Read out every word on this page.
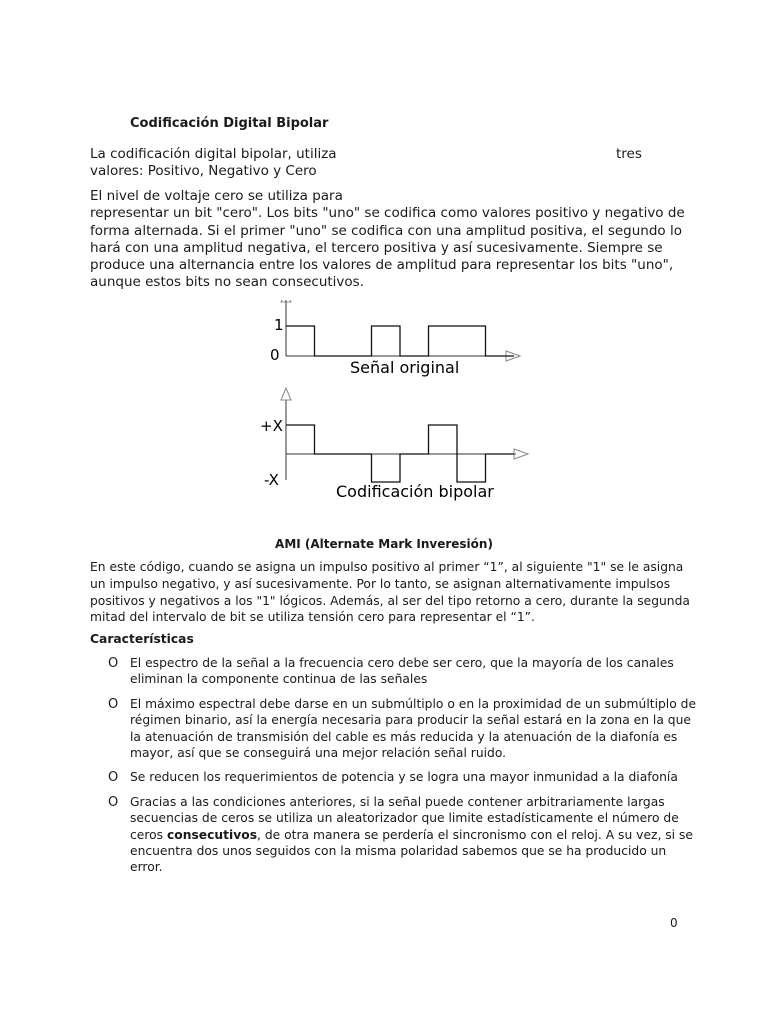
Codificación Digital Bipolar
La codificación digital bipolar, utiliza	tres
valores: Positivo, Negativo y Cero
El nivel de voltaje cero se utiliza para
representar un bit "cero". Los bits "uno" se codifica como valores positivo y negativo de forma alternada. Si el primer "uno" se codifica con una amplitud positiva, el segundo lo hará con una amplitud negativa, el tercero positiva y así sucesivamente. Siempre se produce una alternancia entre los valores de amplitud para representar los bits "uno", aunque estos bits no sean consecutivos.
1
0
Señal original
+X
-X
Codificación bipolar
AMI (Alternate Mark Inveresión)
En este código, cuando se asigna un impulso positivo al primer “1”, al siguiente "1" se le asigna un impulso negativo, y así sucesivamente. Por lo tanto, se asignan alternativamente impulsos positivos y negativos a los "1" lógicos. Además, al ser del tipo retorno a cero, durante la segunda mitad del intervalo de bit se utiliza tensión cero para representar el “1”.
Características
O El espectro de la señal a la frecuencia cero debe ser cero, que la mayoría de los canales eliminan la componente continua de las señales
O El máximo espectral debe darse en un submúltiplo o en la proximidad de un submúltiplo de régimen binario, así la energía necesaria para producir la señal estará en la zona en la que la atenuación de transmisión del cable es más reducida y la atenuación de la diafonía es mayor, así que se conseguirá una mejor relación señal ruido.
O Se reducen los requerimientos de potencia y se logra una mayor inmunidad a la diafonía
O Gracias a las condiciones anteriores, si la señal puede contener arbitrariamente largas secuencias de ceros se utiliza un aleatorizador que limite estadísticamente el número de ceros consecutivos, de otra manera se perdería el sincronismo con el reloj. A su vez, si se encuentra dos unos seguidos con la misma polaridad sabemos que se ha producido un error.
0
